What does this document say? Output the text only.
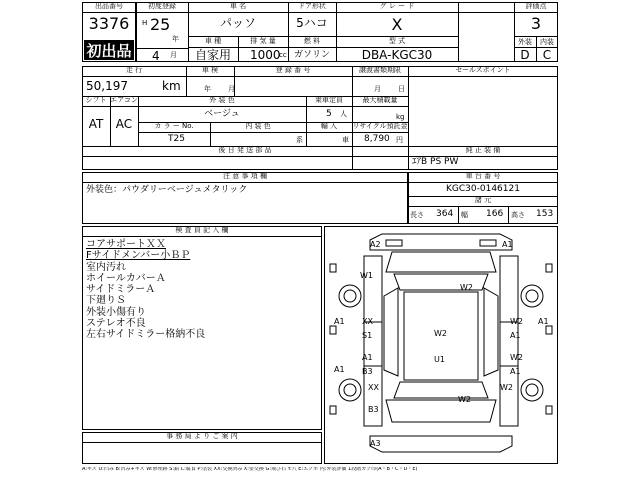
出品番号
3376
初出品
初度登録
H 25
年
4 月
車 名
パッソ
車 種
自家用
ドア形状
5ハコ
排 気 量
1000
cc
燃 料
ガソリン
グ レ ー ド
X
型 式
DBA-KGC30
評価点
3
外装	内装
D	C
走 行
50,197	km
車 検
年 月
登 録 番 号	譲渡書類期限
月 日
セールスポイント
シフト エアコン
AT	AC
外 装 色
ベージュ
乗車定員
5 人
最大積載量
kg
カ ラ ー No.	内 装 色	輸 入	リサイクル預託金
T25	系	車 8,790 円
後 日 発 送 部 品	純 正 装 備
ｴｱB PS PW
注 意 事 項 欄
外装色：パウダリーベージュメタリック
車 台 番 号
KGC30-0146121
諸 元
長さ 364 幅 166 高さ 153
検 査 員 記 入 欄
コアサポートＸＸ
Fサイドメンバー小ＢＰ
室内汚れ
ホイールカバーＡ
サイドミラーＡ
下廻りＳ
外装小傷有り
ステレオ不良
左右サイドミラー格納不良
事 務 局 よ り ご 案 内
A2	A1
W1
W2
A1 XX
S1	W2
W2
A1
A1
A1	U1
B3
W2
A1
A1
XX	W2
B3
W2
A3
A:キズ U:凹み B:凹み+キズ W:修理跡 S:錆 C:腐食 P:塗装 XX:交換済み X:要交換 G:飛び石 Y:穴 E:エクボ 内:外装評価 1段階カク印(A・B・C・D・E)
